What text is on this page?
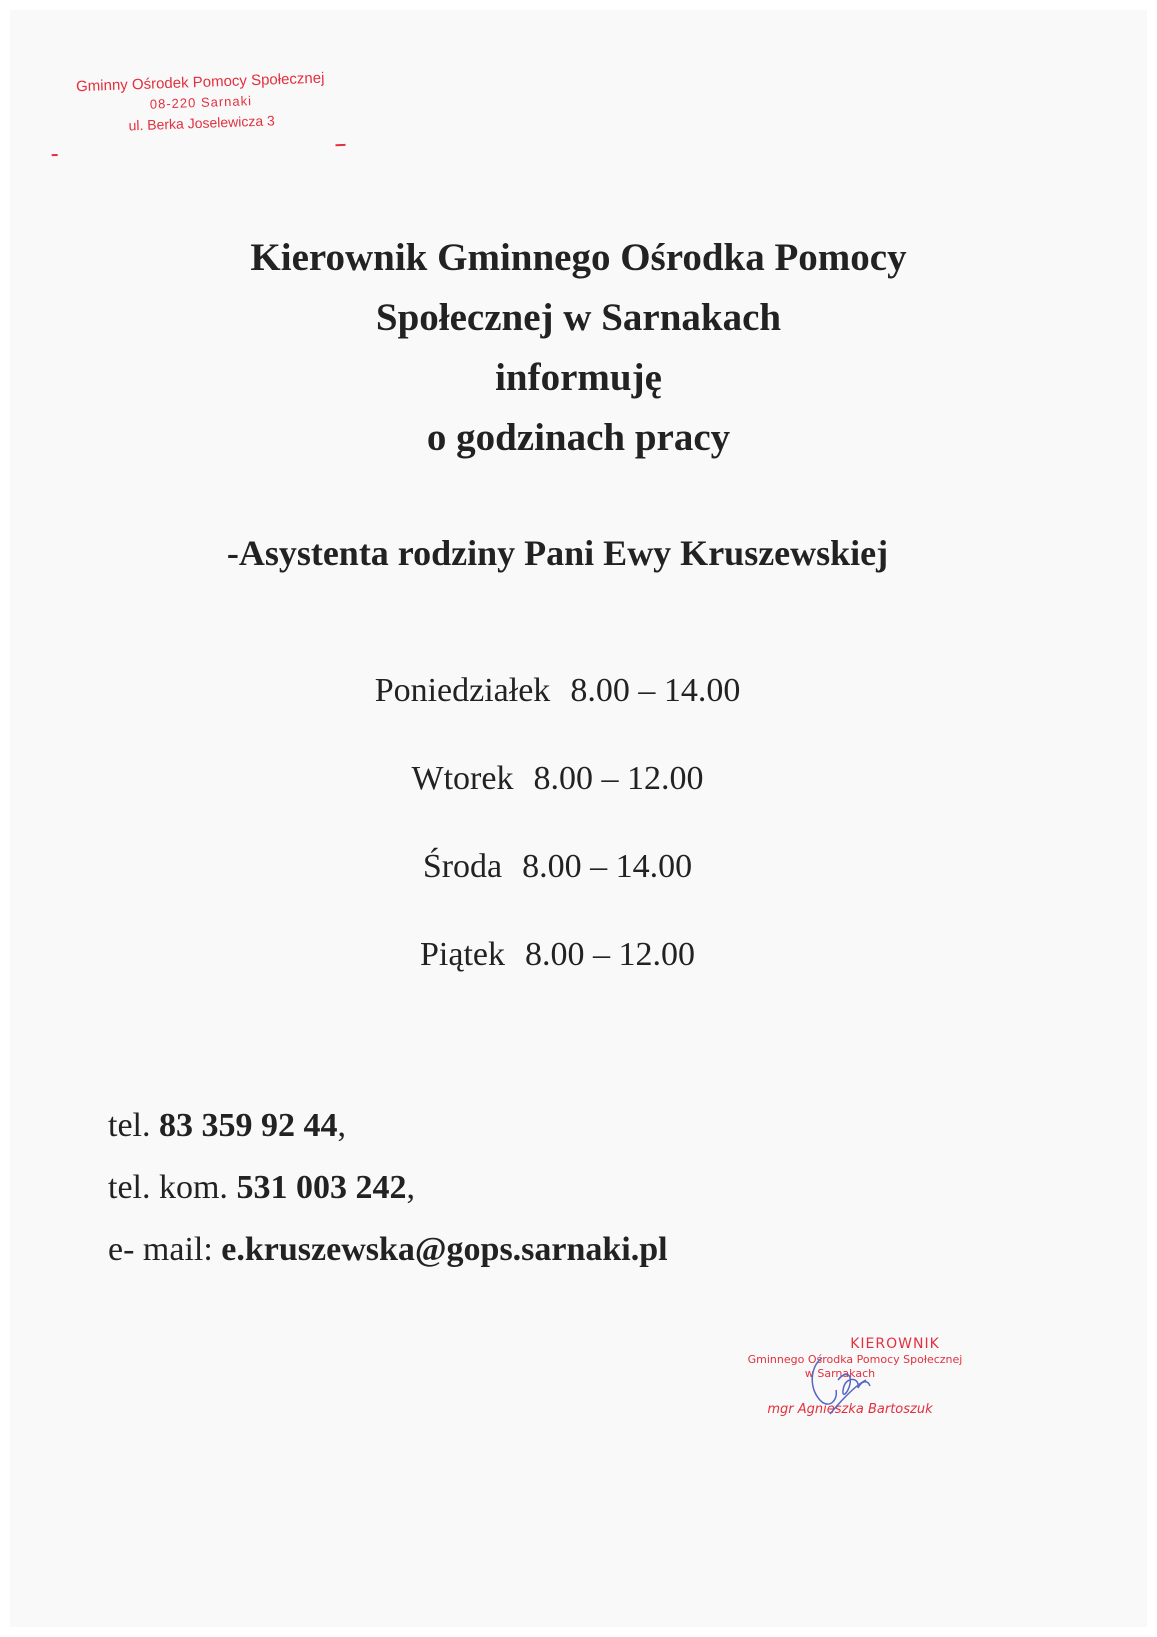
Gminny Ośrodek Pomocy Społecznej
08-220 Sarnaki
ul. Berka Joselewicza 3
Kierownik Gminnego Ośrodka Pomocy
Społecznej w Sarnakach
informuję
o godzinach pracy
-Asystenta rodziny Pani Ewy Kruszewskiej
Poniedziałek 8.00 – 14.00
Wtorek 8.00 – 12.00
Środa 8.00 – 14.00
Piątek 8.00 – 12.00
tel. 83 359 92 44,
tel. kom. 531 003 242,
e- mail: e.kruszewska@gops.sarnaki.pl
KIEROWNIK
Gminnego Ośrodka Pomocy Społecznej
w Sarnakach
mgr Agnieszka Bartoszuk
